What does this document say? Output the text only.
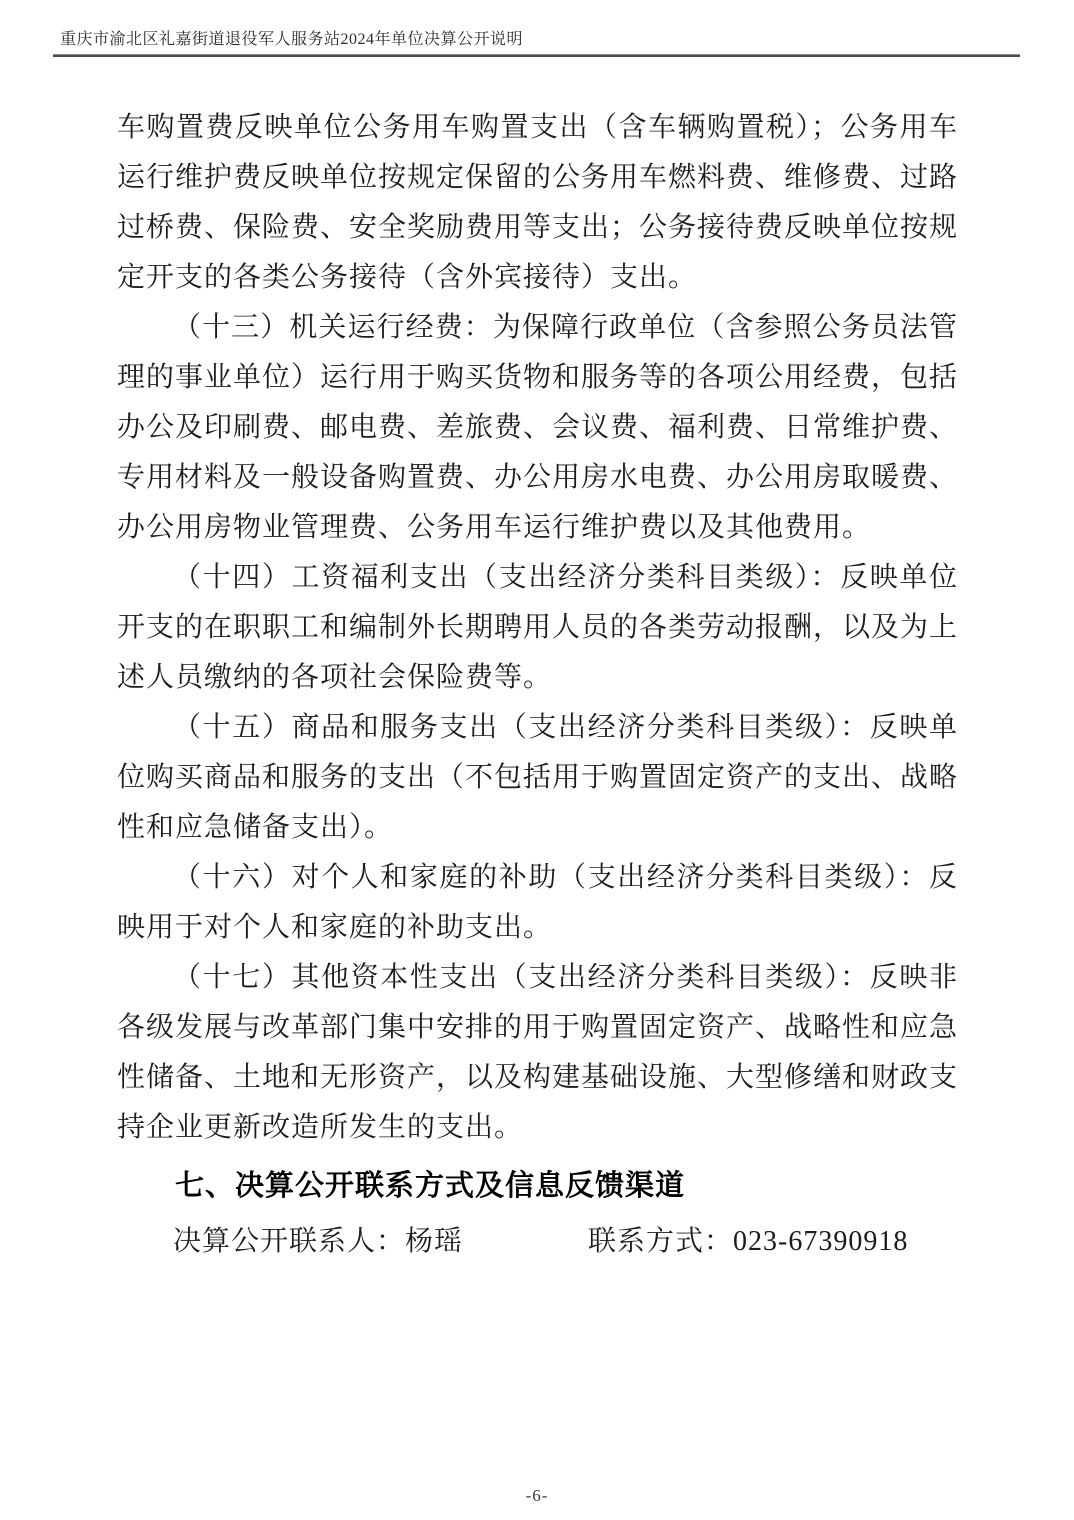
重庆市渝北区礼嘉街道退役军人服务站2024年单位决算公开说明

车购置费反映单位公务用车购置支出（含车辆购置税）；公务用车运行维护费反映单位按规定保留的公务用车燃料费、维修费、过路过桥费、保险费、安全奖励费用等支出；公务接待费反映单位按规定开支的各类公务接待（含外宾接待）支出。

（十三）机关运行经费：为保障行政单位（含参照公务员法管理的事业单位）运行用于购买货物和服务等的各项公用经费，包括办公及印刷费、邮电费、差旅费、会议费、福利费、日常维护费、专用材料及一般设备购置费、办公用房水电费、办公用房取暖费、办公用房物业管理费、公务用车运行维护费以及其他费用。

（十四）工资福利支出（支出经济分类科目类级）：反映单位开支的在职职工和编制外长期聘用人员的各类劳动报酬，以及为上述人员缴纳的各项社会保险费等。

（十五）商品和服务支出（支出经济分类科目类级）：反映单位购买商品和服务的支出（不包括用于购置固定资产的支出、战略性和应急储备支出）。

（十六）对个人和家庭的补助（支出经济分类科目类级）：反映用于对个人和家庭的补助支出。

（十七）其他资本性支出（支出经济分类科目类级）：反映非各级发展与改革部门集中安排的用于购置固定资产、战略性和应急性储备、土地和无形资产，以及构建基础设施、大型修缮和财政支持企业更新改造所发生的支出。

七、决算公开联系方式及信息反馈渠道

决算公开联系人：杨瑶	联系方式：023-67390918

-6-
